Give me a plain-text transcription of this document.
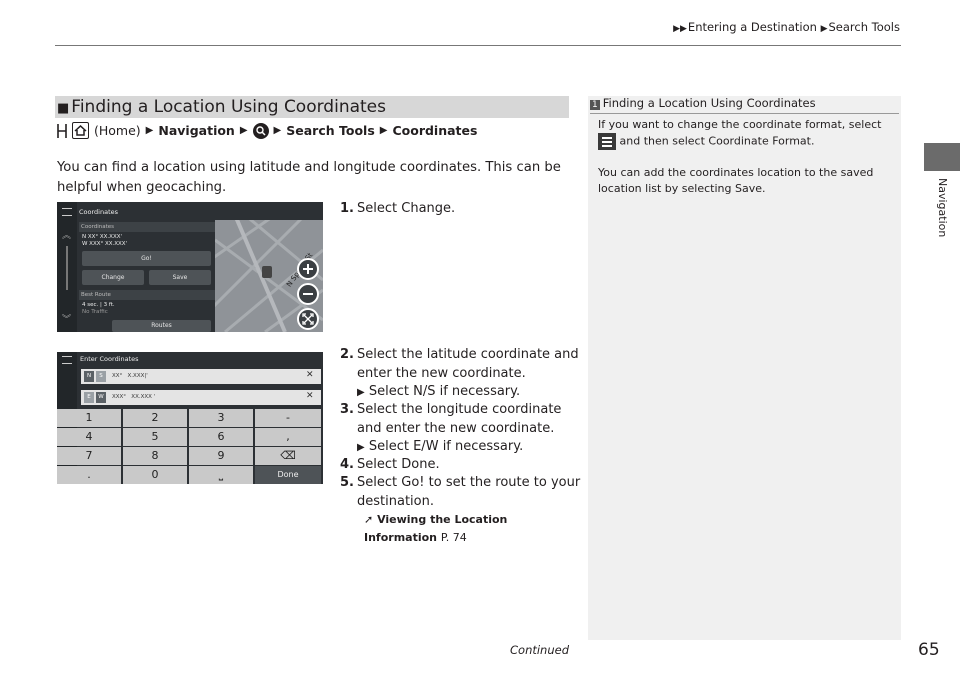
▶▶Entering a Destination ▶Search Tools
Navigation
■ Finding a Location Using Coordinates
(Home) ▶ Navigation ▶	▶ Search Tools ▶ Coordinates
You can find a location using latitude and longitude coordinates. This can be helpful when geocaching.
N St
︽
︾
Coordinates
Coordinates
N XX° XX.XXX'
W XXX° XX.XXX'
Go!
Change	Save
Best Route
4 sec. | 3 ft.
No Traffic
Routes
Enter Coordinates
N	S	XX°   X.XXX|'	✕
E	W	XXX°   XX.XXX '	✕
1	2	3	-
4	5	6	,
7	8	9	⌫
.	0	⎵	Done
1. Select Change.
2. Select the latitude coordinate and
enter the new coordinate.
▶ Select N/S if necessary.
3. Select the longitude coordinate
and enter the new coordinate.
▶ Select E/W if necessary.
4. Select Done.
5. Select Go! to set the route to your
destination.
➚ Viewing the Location
Information P. 74
1 Finding a Location Using Coordinates
If you want to change the coordinate format, select

and then select Coordinate Format.
You can add the coordinates location to the saved
location list by selecting Save.
Continued	65
